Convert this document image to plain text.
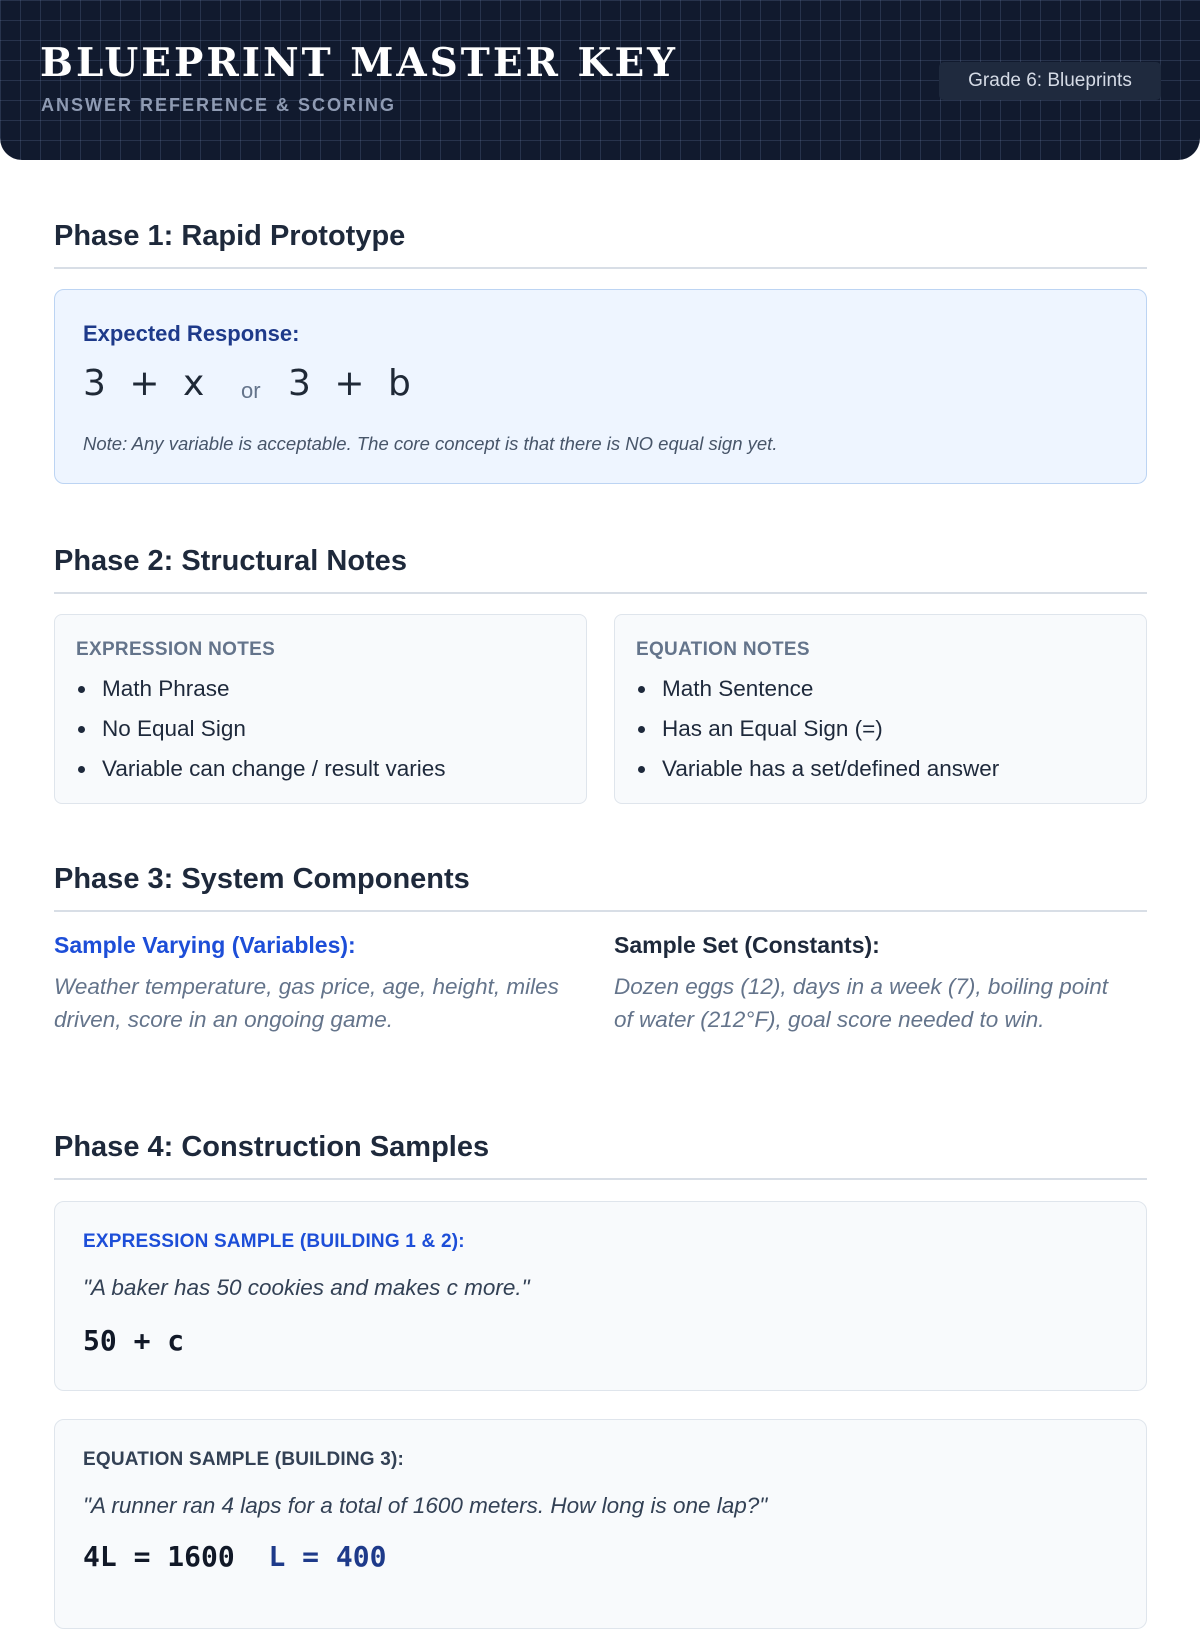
BLUEPRINT MASTER KEY
ANSWER REFERENCE & SCORING
Grade 6: Blueprints
Phase 1: Rapid Prototype
Expected Response:
3 + x or 3 + b
Note: Any variable is acceptable. The core concept is that there is NO equal sign yet.
Phase 2: Structural Notes
EXPRESSION NOTES
Math Phrase
No Equal Sign
Variable can change / result varies
EQUATION NOTES
Math Sentence
Has an Equal Sign (=)
Variable has a set/defined answer
Phase 3: System Components
Sample Varying (Variables):
Weather temperature, gas price, age, height, miles driven, score in an ongoing game.
Sample Set (Constants):
Dozen eggs (12), days in a week (7), boiling point of water (212°F), goal score needed to win.
Phase 4: Construction Samples
EXPRESSION SAMPLE (BUILDING 1 & 2):
"A baker has 50 cookies and makes c more."
50 + c
EQUATION SAMPLE (BUILDING 3):
"A runner ran 4 laps for a total of 1600 meters. How long is one lap?"
4L = 1600 L = 400
